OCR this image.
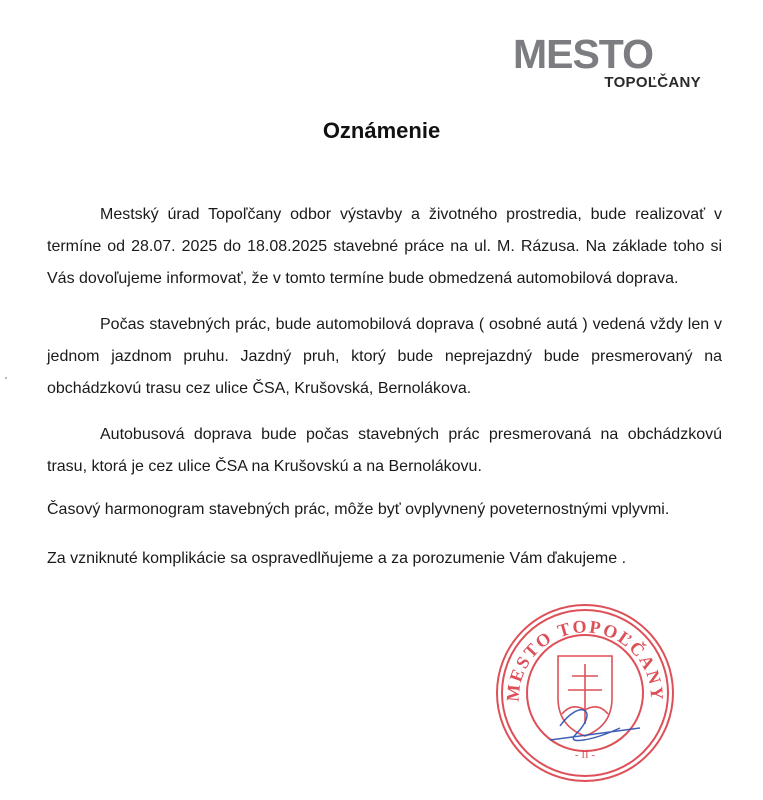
MESTO
TOPOĽČANY
Oznámenie
Mestský úrad Topoľčany odbor výstavby a životného prostredia, bude realizovať v termíne od 28.07. 2025 do 18.08.2025 stavebné práce na ul. M. Rázusa. Na základe toho si Vás dovoľujeme informovať, že v tomto termíne bude obmedzená automobilová doprava.
Počas stavebných prác, bude automobilová doprava ( osobné autá ) vedená vždy len v jednom jazdnom pruhu. Jazdný pruh, ktorý bude neprejazdný bude presmerovaný na obchádzkovú trasu cez ulice ČSA, Krušovská, Bernolákova.
Autobusová doprava bude počas stavebných prác presmerovaná na obchádzkovú trasu, ktorá je cez ulice ČSA na Krušovskú a na Bernolákovu.
Časový harmonogram stavebných prác, môže byť ovplyvnený poveternostnými vplyvmi.
Za vzniknuté komplikácie sa ospravedlňujeme a za porozumenie Vám ďakujeme .
MESTO TOPOĽČANY
- II -
